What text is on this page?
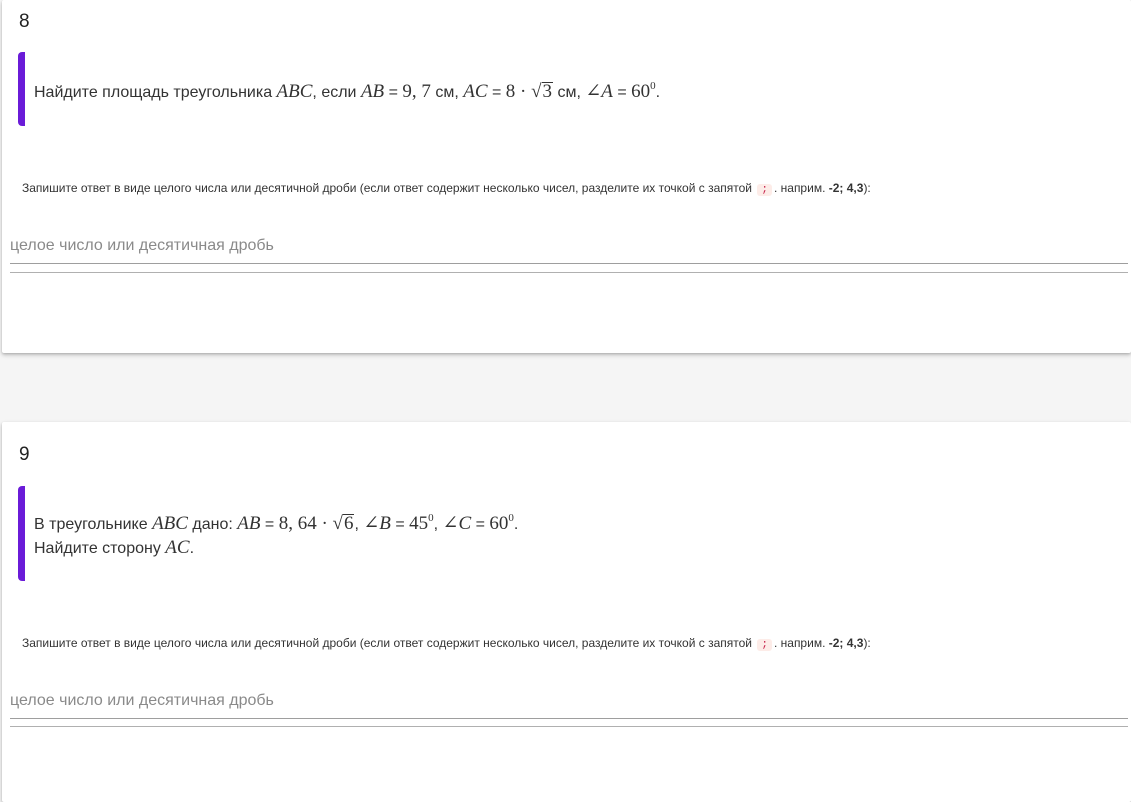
8
Найдите площадь треугольника ABC, если AB = 9, 7 см, AC = 8 · √3 см, ∠A = $60^0$.
Запишите ответ в виде целого числа или десятичной дроби (если ответ содержит несколько чисел, разделите их точкой с запятой ; . наприм. -2; 4,3):
целое число или десятичная дробь
9
В треугольнике ABC дано: AB = 8, 64 · √6, ∠B = $45^0$, ∠C = $60^0$.
Найдите сторону AC.
Запишите ответ в виде целого числа или десятичной дроби (если ответ содержит несколько чисел, разделите их точкой с запятой ; . наприм. -2; 4,3):
целое число или десятичная дробь
